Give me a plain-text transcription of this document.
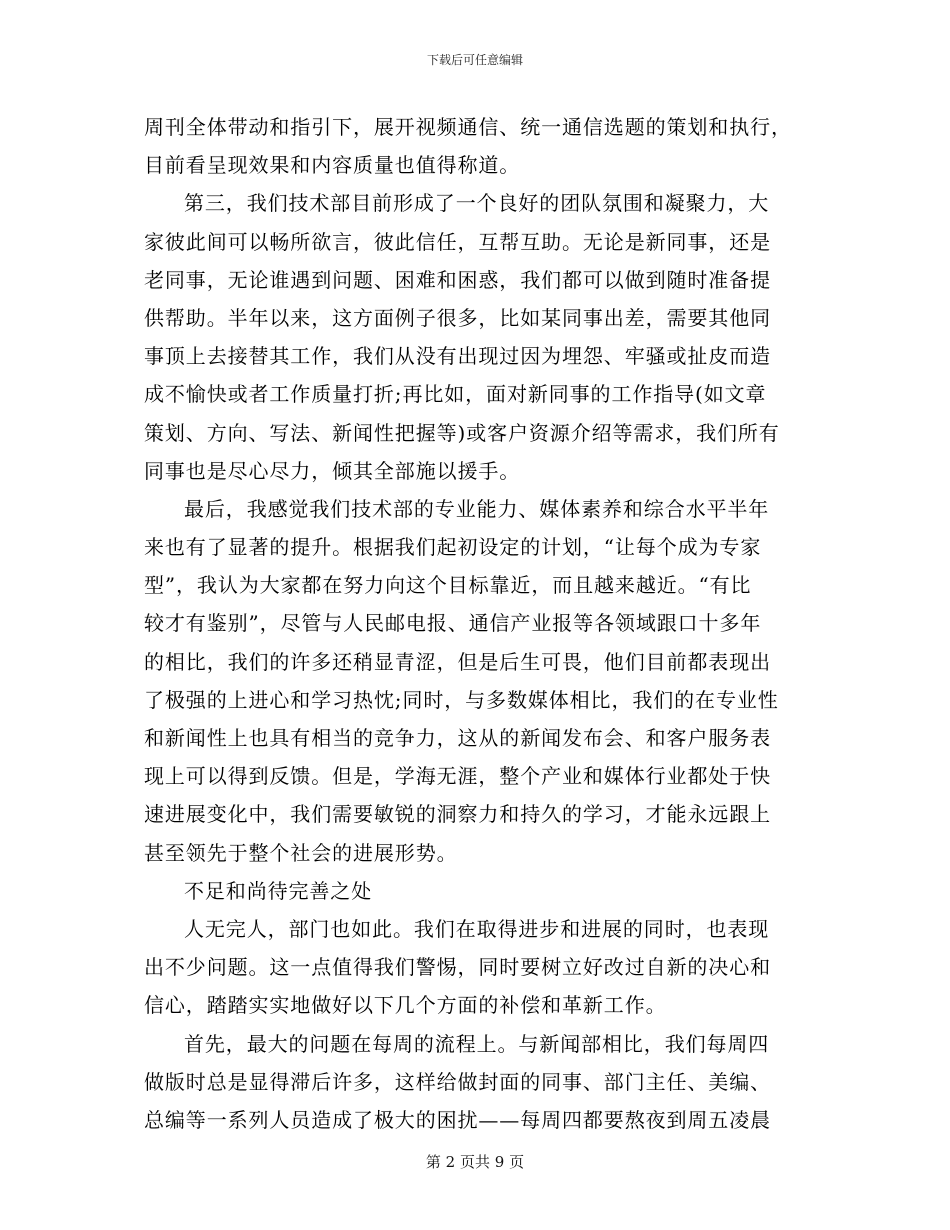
下载后可任意编辑
周刊全体带动和指引下，展开视频通信、统一通信选题的策划和执行，
目前看呈现效果和内容质量也值得称道。
第三，我们技术部目前形成了一个良好的团队氛围和凝聚力，大
家彼此间可以畅所欲言，彼此信任，互帮互助。无论是新同事，还是
老同事，无论谁遇到问题、困难和困惑，我们都可以做到随时准备提
供帮助。半年以来，这方面例子很多，比如某同事出差，需要其他同
事顶上去接替其工作，我们从没有出现过因为埋怨、牢骚或扯皮而造
成不愉快或者工作质量打折;再比如，面对新同事的工作指导(如文章
策划、方向、写法、新闻性把握等)或客户资源介绍等需求，我们所有
同事也是尽心尽力，倾其全部施以援手。
最后，我感觉我们技术部的专业能力、媒体素养和综合水平半年
来也有了显著的提升。根据我们起初设定的计划，“让每个成为专家
型”，我认为大家都在努力向这个目标靠近，而且越来越近。“有比
较才有鉴别”，尽管与人民邮电报、通信产业报等各领域跟口十多年
的相比，我们的许多还稍显青涩，但是后生可畏，他们目前都表现出
了极强的上进心和学习热忱;同时，与多数媒体相比，我们的在专业性
和新闻性上也具有相当的竞争力，这从的新闻发布会、和客户服务表
现上可以得到反馈。但是，学海无涯，整个产业和媒体行业都处于快
速进展变化中，我们需要敏锐的洞察力和持久的学习，才能永远跟上
甚至领先于整个社会的进展形势。
不足和尚待完善之处
人无完人，部门也如此。我们在取得进步和进展的同时，也表现
出不少问题。这一点值得我们警惕，同时要树立好改过自新的决心和
信心，踏踏实实地做好以下几个方面的补偿和革新工作。
首先，最大的问题在每周的流程上。与新闻部相比，我们每周四
做版时总是显得滞后许多，这样给做封面的同事、部门主任、美编、
总编等一系列人员造成了极大的困扰——每周四都要熬夜到周五凌晨
第 2 页共 9 页
